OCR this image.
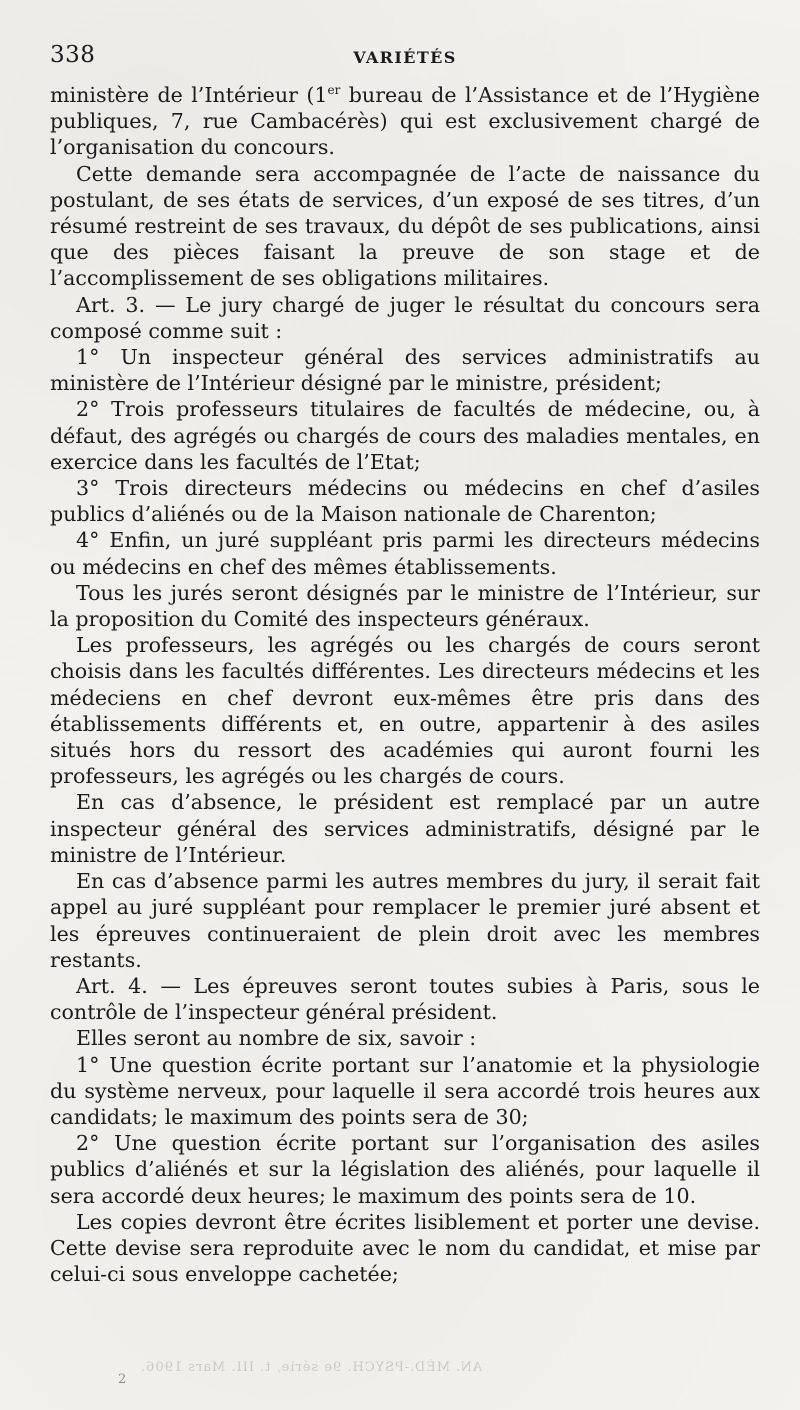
338	VARIÉTÉS

ministère de l’Intérieur (1er bureau de l’Assistance et de l’Hygiène publiques, 7, rue Cambacérès) qui est exclusivement chargé de l’organisation du concours.

Cette demande sera accompagnée de l’acte de naissance du postulant, de ses états de services, d’un exposé de ses titres, d’un résumé restreint de ses travaux, du dépôt de ses publications, ainsi que des pièces faisant la preuve de son stage et de l’accomplissement de ses obligations militaires.

Art. 3. — Le jury chargé de juger le résultat du concours sera composé comme suit :

1° Un inspecteur général des services administratifs au ministère de l’Intérieur désigné par le ministre, président;

2° Trois professeurs titulaires de facultés de médecine, ou, à défaut, des agrégés ou chargés de cours des maladies mentales, en exercice dans les facultés de l’Etat;

3° Trois directeurs médecins ou médecins en chef d’asiles publics d’aliénés ou de la Maison nationale de Charenton;

4° Enfin, un juré suppléant pris parmi les directeurs médecins ou médecins en chef des mêmes établissements.

Tous les jurés seront désignés par le ministre de l’Intérieur, sur la proposition du Comité des inspecteurs généraux.

Les professeurs, les agrégés ou les chargés de cours seront choisis dans les facultés différentes. Les directeurs médecins et les médeciens en chef devront eux-mêmes être pris dans des établissements différents et, en outre, appartenir à des asiles situés hors du ressort des académies qui auront fourni les professeurs, les agrégés ou les chargés de cours.

En cas d’absence, le président est remplacé par un autre inspecteur général des services administratifs, désigné par le ministre de l’Intérieur.

En cas d’absence parmi les autres membres du jury, il serait fait appel au juré suppléant pour remplacer le premier juré absent et les épreuves continueraient de plein droit avec les membres restants.

Art. 4. — Les épreuves seront toutes subies à Paris, sous le contrôle de l’inspecteur général président.

Elles seront au nombre de six, savoir :

1° Une question écrite portant sur l’anatomie et la physiologie du système nerveux, pour laquelle il sera accordé trois heures aux candidats; le maximum des points sera de 30;

2° Une question écrite portant sur l’organisation des asiles publics d’aliénés et sur la législation des aliénés, pour laquelle il sera accordé deux heures; le maximum des points sera de 10.

Les copies devront être écrites lisiblement et porter une devise. Cette devise sera reproduite avec le nom du candidat, et mise par celui-ci sous enveloppe cachetée;

AN. MÉD.-PSYCH. 9e série, t. III. Mars 1906.
2
